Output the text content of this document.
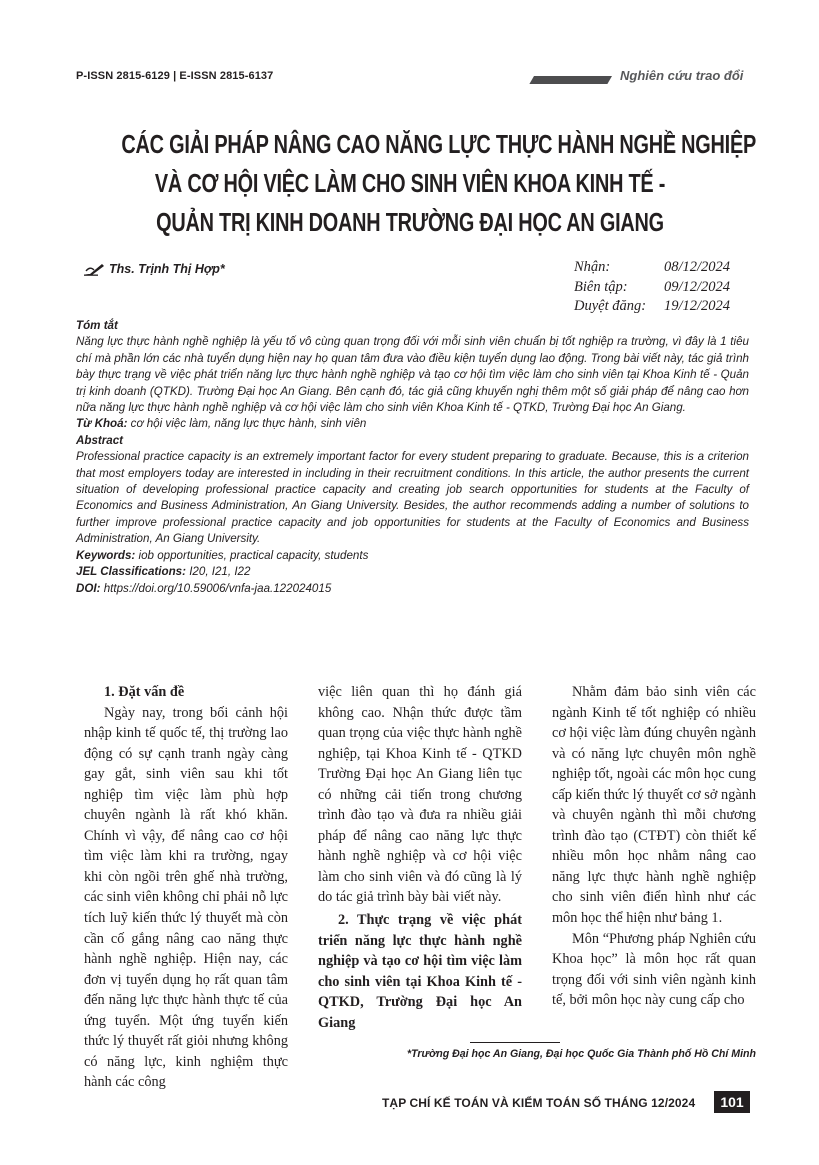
P-ISSN 2815-6129 | E-ISSN 2815-6137	Nghiên cứu trao đổi
CÁC GIẢI PHÁP NÂNG CAO NĂNG LỰC THỰC HÀNH NGHỀ NGHIỆP
VÀ CƠ HỘI VIỆC LÀM CHO SINH VIÊN KHOA KINH TẾ -
QUẢN TRỊ KINH DOANH TRƯỜNG ĐẠI HỌC AN GIANG
Ths. Trịnh Thị Hợp*	Nhận:	08/12/2024
Biên tập:	09/12/2024
Duyệt đăng:	19/12/2024
Tóm tắt

Năng lực thực hành nghề nghiệp là yếu tố vô cùng quan trọng đối với mỗi sinh viên chuẩn bị tốt nghiệp ra trường, vì đây là 1 tiêu chí mà phần lớn các nhà tuyển dụng hiện nay họ quan tâm đưa vào điều kiện tuyển dụng lao động. Trong bài viết này, tác giả trình bày thực trạng về việc phát triển năng lực thực hành nghề nghiệp và tạo cơ hội tìm việc làm cho sinh viên tại Khoa Kinh tế - Quản trị kinh doanh (QTKD). Trường Đại học An Giang. Bên cạnh đó, tác giả cũng khuyến nghị thêm một số giải pháp để nâng cao hơn nữa năng lực thực hành nghề nghiệp và cơ hội việc làm cho sinh viên Khoa Kinh tế - QTKD, Trường Đại học An Giang.

Từ Khoá: cơ hội việc làm, năng lực thực hành, sinh viên
Abstract

Professional practice capacity is an extremely important factor for every student preparing to graduate. Because, this is a criterion that most employers today are interested in including in their recruitment conditions. In this article, the author presents the current situation of developing professional practice capacity and creating job search opportunities for students at the Faculty of Economics and Business Administration, An Giang University. Besides, the author recommends adding a number of solutions to further improve professional practice capacity and job opportunities for students at the Faculty of Economics and Business Administration, An Giang University.

Keywords: iob opportunities, practical capacity, students
JEL Classifications: I20, I21, I22
DOI: https://doi.org/10.59006/vnfa-jaa.122024015

1. Đặt vấn đề

Ngày nay, trong bối cảnh hội nhập kinh tế quốc tế, thị trường lao động có sự cạnh tranh ngày càng gay gắt, sinh viên sau khi tốt nghiệp tìm việc làm phù hợp chuyên ngành là rất khó khăn. Chính vì vậy, để nâng cao cơ hội tìm việc làm khi ra trường, ngay khi còn ngồi trên ghế nhà trường, các sinh viên không chỉ phải nỗ lực tích luỹ kiến thức lý thuyết mà còn cần cố gắng nâng cao năng thực hành nghề nghiệp. Hiện nay, các đơn vị tuyển dụng họ rất quan tâm đến năng lực thực hành thực tế của ứng tuyển. Một ứng tuyển kiến thức lý thuyết rất giỏi nhưng không có năng lực, kinh nghiệm thực hành các công

việc liên quan thì họ đánh giá không cao. Nhận thức được tầm quan trọng của việc thực hành nghề nghiệp, tại Khoa Kinh tế - QTKD Trường Đại học An Giang liên tục có những cải tiến trong chương trình đào tạo và đưa ra nhiều giải pháp để nâng cao năng lực thực hành nghề nghiệp và cơ hội việc làm cho sinh viên và đó cũng là lý do tác giả trình bày bài viết này.

2. Thực trạng về việc phát triển năng lực thực hành nghề nghiệp và tạo cơ hội tìm việc làm cho sinh viên tại Khoa Kinh tế - QTKD, Trường Đại học An Giang

Nhằm đảm bảo sinh viên các ngành Kinh tế tốt nghiệp có nhiều cơ hội việc làm đúng chuyên ngành và có năng lực chuyên môn nghề nghiệp tốt, ngoài các môn học cung cấp kiến thức lý thuyết cơ sở ngành và chuyên ngành thì mỗi chương trình đào tạo (CTĐT) còn thiết kế nhiều môn học nhằm nâng cao năng lực thực hành nghề nghiệp cho sinh viên điển hình như các môn học thể hiện như bảng 1.

Môn “Phương pháp Nghiên cứu Khoa học” là môn học rất quan trọng đối với sinh viên ngành kinh tế, bởi môn học này cung cấp cho

*Trường Đại học An Giang, Đại học Quốc Gia Thành phố Hồ Chí Minh
TẠP CHÍ KẾ TOÁN VÀ KIỂM TOÁN SỐ THÁNG 12/2024	101
